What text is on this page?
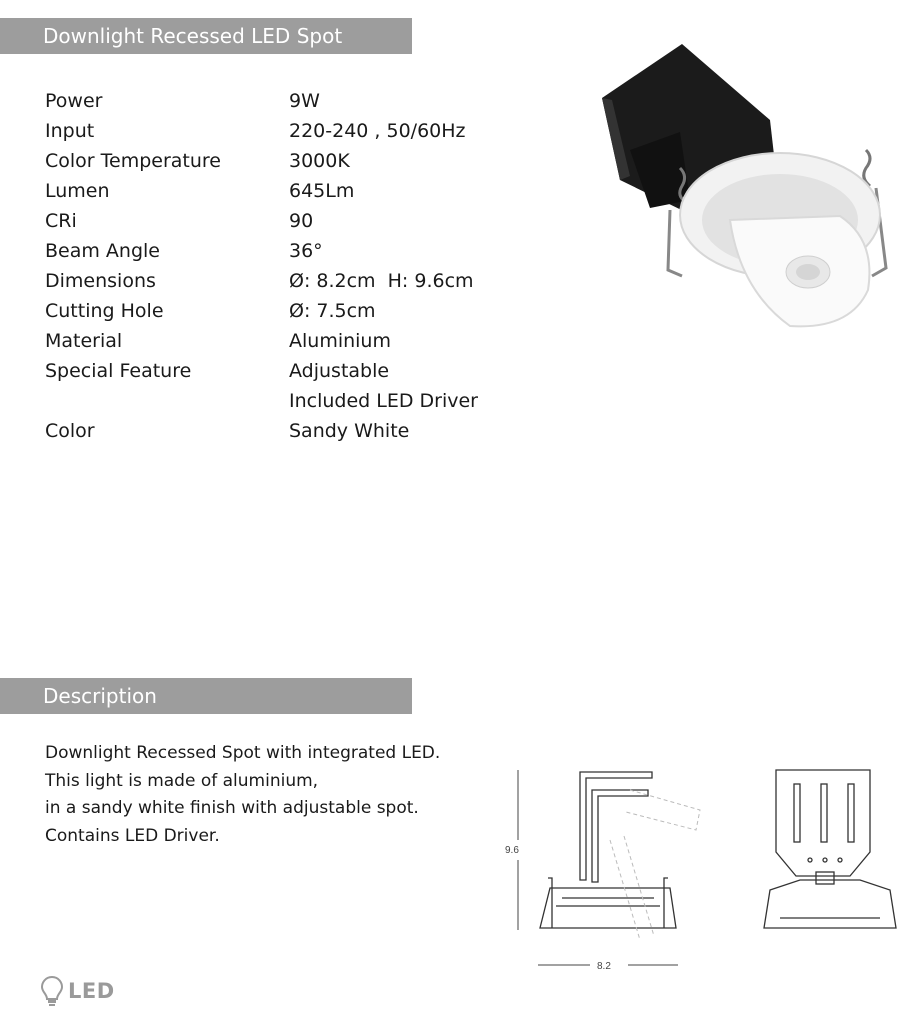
Downlight Recessed LED Spot
Power	9W
Input	220-240 , 50/60Hz
Color Temperature	3000K
Lumen	645Lm
CRi	90
Beam Angle	36°
Dimensions	Ø: 8.2cm  H: 9.6cm
Cutting Hole	Ø: 7.5cm
Material	Aluminium
Special Feature	Adjustable
Included LED Driver
Color	Sandy White
Description
Downlight Recessed Spot with integrated LED.
This light is made of aluminium,
in a sandy white finish with adjustable spot.
Contains LED Driver.
9.6
8.2
LED
